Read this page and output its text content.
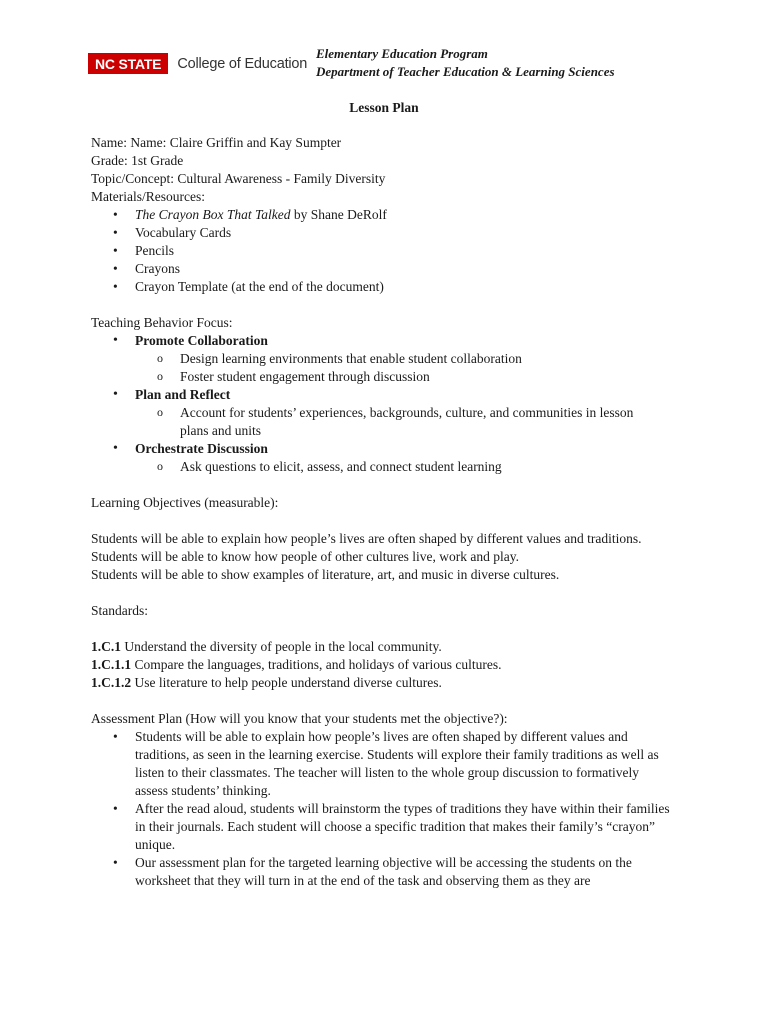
NC STATE	College of Education
Elementary Education Program
Department of Teacher Education & Learning Sciences
Lesson Plan

Name: Name: Claire Griffin and Kay Sumpter

Grade: 1st Grade

Topic/Concept: Cultural Awareness - Family Diversity

Materials/Resources:

• The Crayon Box That Talked by Shane DeRolf
• Vocabulary Cards
• Pencils
• Crayons
• Crayon Template (at the end of the document)

Teaching Behavior Focus:

• Promote Collaboration
o Design learning environments that enable student collaboration
o Foster student engagement through discussion
• Plan and Reflect
o Account for students’ experiences, backgrounds, culture, and communities in lesson plans and units
• Orchestrate Discussion
o Ask questions to elicit, assess, and connect student learning

Learning Objectives (measurable):

Students will be able to explain how people’s lives are often shaped by different values and traditions.

Students will be able to know how people of other cultures live, work and play.

Students will be able to show examples of literature, art, and music in diverse cultures.

Standards:

1.C.1 Understand the diversity of people in the local community.

1.C.1.1 Compare the languages, traditions, and holidays of various cultures.

1.C.1.2 Use literature to help people understand diverse cultures.

Assessment Plan (How will you know that your students met the objective?):

• Students will be able to explain how people’s lives are often shaped by different values and traditions, as seen in the learning exercise. Students will explore their family traditions as well as listen to their classmates. The teacher will listen to the whole group discussion to formatively assess students’ thinking.
• After the read aloud, students will brainstorm the types of traditions they have within their families in their journals. Each student will choose a specific tradition that makes their family’s “crayon” unique.
• Our assessment plan for the targeted learning objective will be accessing the students on the worksheet that they will turn in at the end of the task and observing them as they are
